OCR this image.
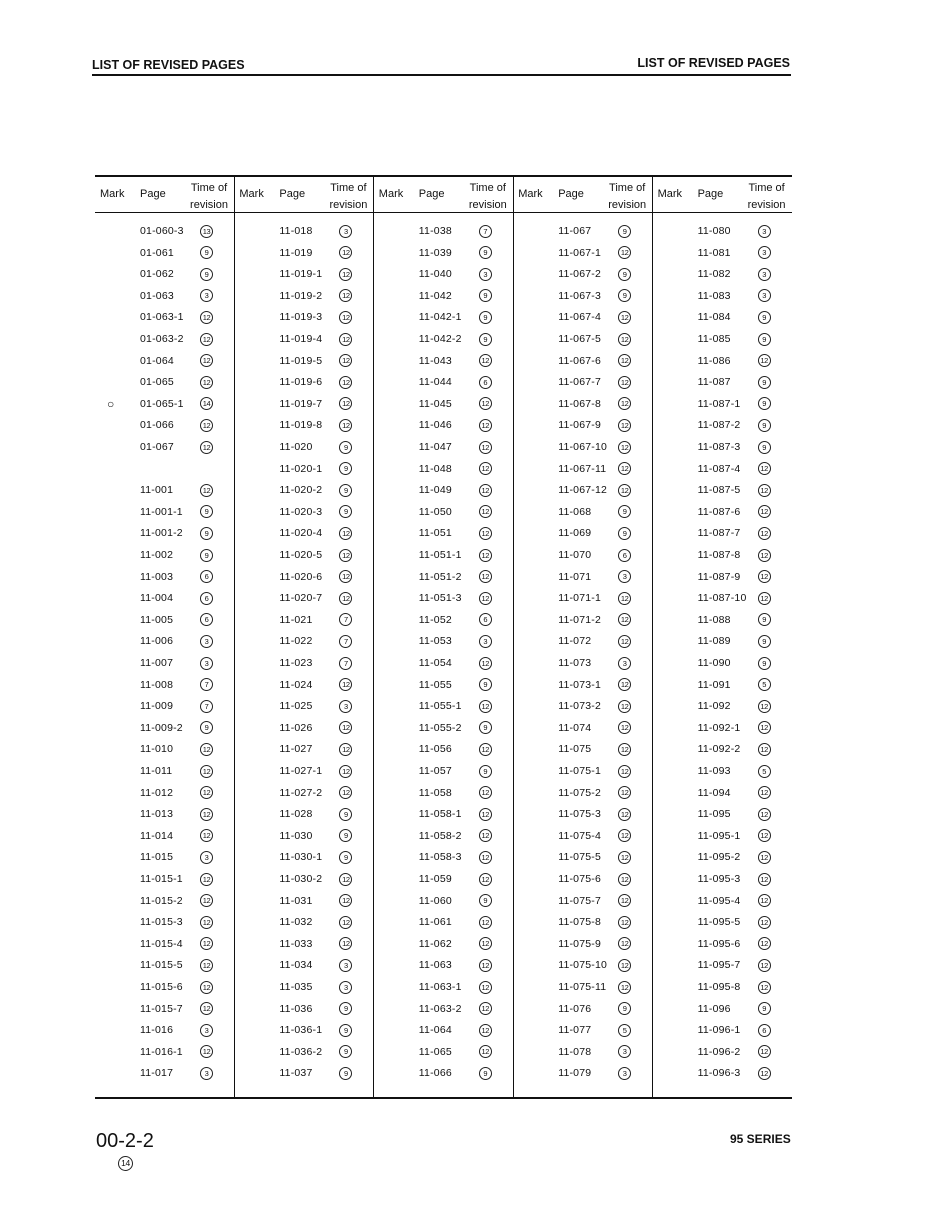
LIST OF REVISED PAGES	LIST OF REVISED PAGES
Mark Page	Time of
revision
01-060-3	13
01-061	9
01-062	9
01-063	3
01-063-1	12
01-063-2	12
01-064	12
01-065	12
○ 01-065-1	14
01-066	12
01-067	12
11-001	12
11-001-1	9
11-001-2	9
11-002	9
11-003	6
11-004	6
11-005	6
11-006	3
11-007	3
11-008	7
11-009	7
11-009-2	9
11-010	12
11-011	12
11-012	12
11-013	12
11-014	12
11-015	3
11-015-1	12
11-015-2	12
11-015-3	12
11-015-4	12
11-015-5	12
11-015-6	12
11-015-7	12
11-016	3
11-016-1	12
11-017	3
Mark Page	Time of
revision
11-018	3
11-019	12
11-019-1	12
11-019-2	12
11-019-3	12
11-019-4	12
11-019-5	12
11-019-6	12
11-019-7	12
11-019-8	12
11-020	9
11-020-1	9
11-020-2	9
11-020-3	9
11-020-4	12
11-020-5	12
11-020-6	12
11-020-7	12
11-021	7
11-022	7
11-023	7
11-024	12
11-025	3
11-026	12
11-027	12
11-027-1	12
11-027-2	12
11-028	9
11-030	9
11-030-1	9
11-030-2	12
11-031	12
11-032	12
11-033	12
11-034	3
11-035	3
11-036	9
11-036-1	9
11-036-2	9
11-037	9
Mark Page	Time of
revision
11-038	7
11-039	9
11-040	3
11-042	9
11-042-1	9
11-042-2	9
11-043	12
11-044	6
11-045	12
11-046	12
11-047	12
11-048	12
11-049	12
11-050	12
11-051	12
11-051-1	12
11-051-2	12
11-051-3	12
11-052	6
11-053	3
11-054	12
11-055	9
11-055-1	12
11-055-2	9
11-056	12
11-057	9
11-058	12
11-058-1	12
11-058-2	12
11-058-3	12
11-059	12
11-060	9
11-061	12
11-062	12
11-063	12
11-063-1	12
11-063-2	12
11-064	12
11-065	12
11-066	9
Mark Page	Time of
revision
11-067	9
11-067-1	12
11-067-2	9
11-067-3	9
11-067-4	12
11-067-5	12
11-067-6	12
11-067-7	12
11-067-8	12
11-067-9	12
11-067-10	12
11-067-11	12
11-067-12	12
11-068	9
11-069	9
11-070	6
11-071	3
11-071-1	12
11-071-2	12
11-072	12
11-073	3
11-073-1	12
11-073-2	12
11-074	12
11-075	12
11-075-1	12
11-075-2	12
11-075-3	12
11-075-4	12
11-075-5	12
11-075-6	12
11-075-7	12
11-075-8	12
11-075-9	12
11-075-10	12
11-075-11	12
11-076	9
11-077	5
11-078	3
11-079	3
Mark Page	Time of
revision
11-080	3
11-081	3
11-082	3
11-083	3
11-084	9
11-085	9
11-086	12
11-087	9
11-087-1	9
11-087-2	9
11-087-3	9
11-087-4	12
11-087-5	12
11-087-6	12
11-087-7	12
11-087-8	12
11-087-9	12
11-087-10	12
11-088	9
11-089	9
11-090	9
11-091	5
11-092	12
11-092-1	12
11-092-2	12
11-093	5
11-094	12
11-095	12
11-095-1	12
11-095-2	12
11-095-3	12
11-095-4	12
11-095-5	12
11-095-6	12
11-095-7	12
11-095-8	12
11-096	9
11-096-1	6
11-096-2	12
11-096-3	12
00-2-2
14
95 SERIES
